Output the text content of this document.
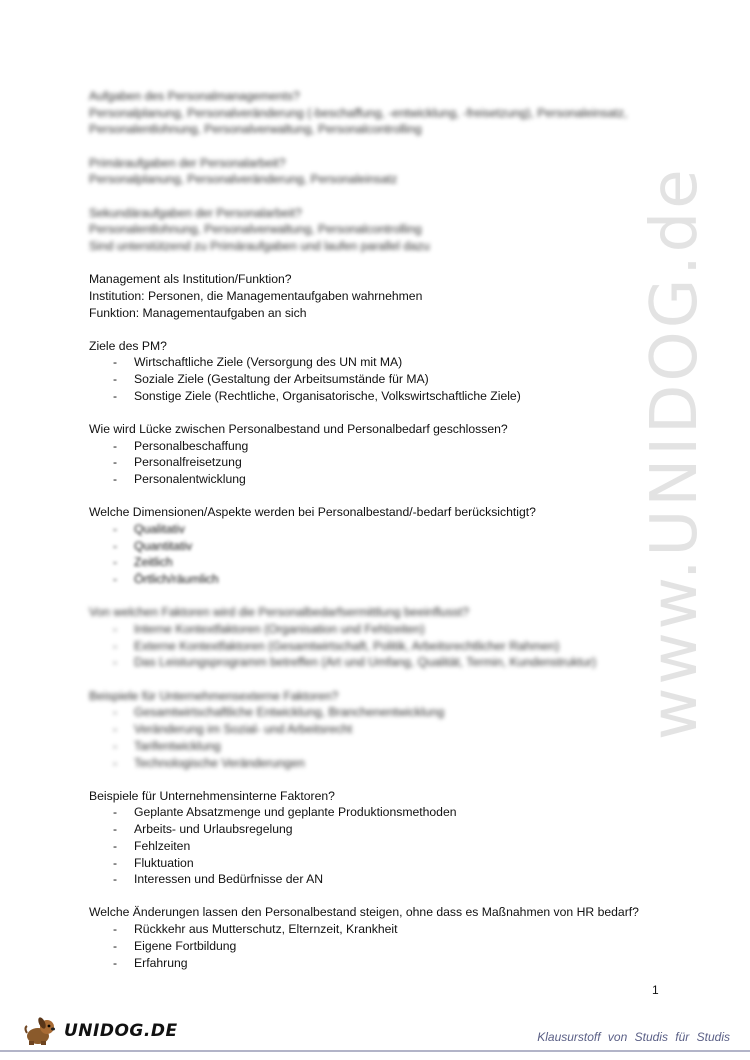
www.UNIDOG.de
Aufgaben des Personalmanagements?
Personalplanung, Personalveränderung (-beschaffung, -entwicklung, -freisetzung), Personaleinsatz,
Personalentlohnung, Personalverwaltung, Personalcontrolling
Primäraufgaben der Personalarbeit?
Personalplanung, Personalveränderung, Personaleinsatz
Sekundäraufgaben der Personalarbeit?
Personalentlohnung, Personalverwaltung, Personalcontrolling
Sind unterstützend zu Primäraufgaben und laufen parallel dazu
Management als Institution/Funktion?
Institution: Personen, die Managementaufgaben wahrnehmen
Funktion: Managementaufgaben an sich
Ziele des PM?
- Wirtschaftliche Ziele (Versorgung des UN mit MA)
- Soziale Ziele (Gestaltung der Arbeitsumstände für MA)
- Sonstige Ziele (Rechtliche, Organisatorische, Volkswirtschaftliche Ziele)
Wie wird Lücke zwischen Personalbestand und Personalbedarf geschlossen?
- Personalbeschaffung
- Personalfreisetzung
- Personalentwicklung
Welche Dimensionen/Aspekte werden bei Personalbestand/-bedarf berücksichtigt?
- Qualitativ
- Quantitativ
- Zeitlich
- Örtlich/räumlich
Von welchen Faktoren wird die Personalbedarfsermittlung beeinflusst?
- Interne Kontextfaktoren (Organisation und Fehlzeiten)
- Externe Kontextfaktoren (Gesamtwirtschaft, Politik, Arbeitsrechtlicher Rahmen)
- Das Leistungsprogramm betreffen (Art und Umfang, Qualität, Termin, Kundenstruktur)
Beispiele für Unternehmensexterne Faktoren?
- Gesamtwirtschaftliche Entwicklung, Branchenentwicklung
- Veränderung im Sozial- und Arbeitsrecht
- Tarifentwicklung
- Technologische Veränderungen
Beispiele für Unternehmensinterne Faktoren?
- Geplante Absatzmenge und geplante Produktionsmethoden
- Arbeits- und Urlaubsregelung
- Fehlzeiten
- Fluktuation
- Interessen und Bedürfnisse der AN
Welche Änderungen lassen den Personalbestand steigen, ohne dass es Maßnahmen von HR bedarf?
- Rückkehr aus Mutterschutz, Elternzeit, Krankheit
- Eigene Fortbildung
- Erfahrung
1
UNIDOG.DE	Klausurstoff von Studis für Studis
